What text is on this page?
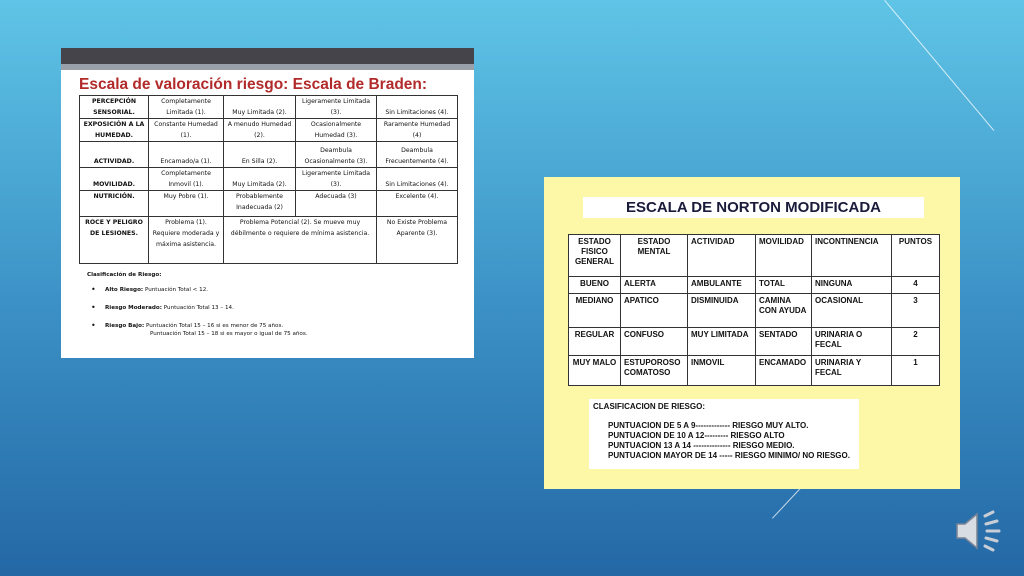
Escala de valoración riesgo: Escala de Braden:
PERCEPCIÓN SENSORIAL.	Completamente Limitada (1).	Muy Limitada (2).	Ligeramente Limitada (3).	Sin Limitaciones (4).
EXPOSICIÓN A LA HUMEDAD.	Constante Humedad (1).	A menudo Humedad (2).	Ocasionalmente Humedad (3).	Raramente Humedad (4)
ACTIVIDAD.	Encamado/a (1).	En Silla (2).	Deambula Ocasionalmente (3).	Deambula Frecuentemente (4).
MOVILIDAD.	Completamente Inmovil (1).	Muy Limitada (2).	Ligeramente Limitada (3).	Sin Limitaciones (4).
NUTRICIÓN.	Muy Pobre (1).	Probablemente Inadecuada (2)	Adecuada (3)	Excelente (4).
ROCE Y PELIGRO DE LESIONES.	Problema (1). Requiere moderada y máxima asistencia.	Problema Potencial (2). Se mueve muy débilmente o requiere de mínima asistencia.		No Existe Problema Aparente (3).
Clasificación de Riesgo:
• Alto Riesgo: Puntuación Total < 12.
• Riesgo Moderado: Puntuación Total 13 – 14.
• Riesgo Bajo: Puntuación Total 15 – 16 si es menor de 75 años.
Puntuación Total 15 – 18 si es mayor o igual de 75 años.
ESCALA DE NORTON MODIFICADA
ESTADO FISICO GENERAL	ESTADO MENTAL	ACTIVIDAD	MOVILIDAD	INCONTINENCIA	PUNTOS
BUENO	ALERTA	AMBULANTE	TOTAL	NINGUNA	4
MEDIANO	APATICO	DISMINUIDA	CAMINA CON AYUDA	OCASIONAL	3
REGULAR	CONFUSO	MUY LIMITADA	SENTADO	URINARIA O FECAL	2
MUY MALO	ESTUPOROSO COMATOSO	INMOVIL	ENCAMADO	URINARIA Y FECAL	1
CLASIFICACION DE RIESGO:
PUNTUACION DE 5 A 9------------- RIESGO MUY ALTO.
PUNTUACION DE 10 A 12--------- RIESGO ALTO
PUNTUACION 13 A 14 -------------- RIESGO MEDIO.
PUNTUACION MAYOR DE 14 ----- RIESGO MINIMO/ NO RIESGO.
